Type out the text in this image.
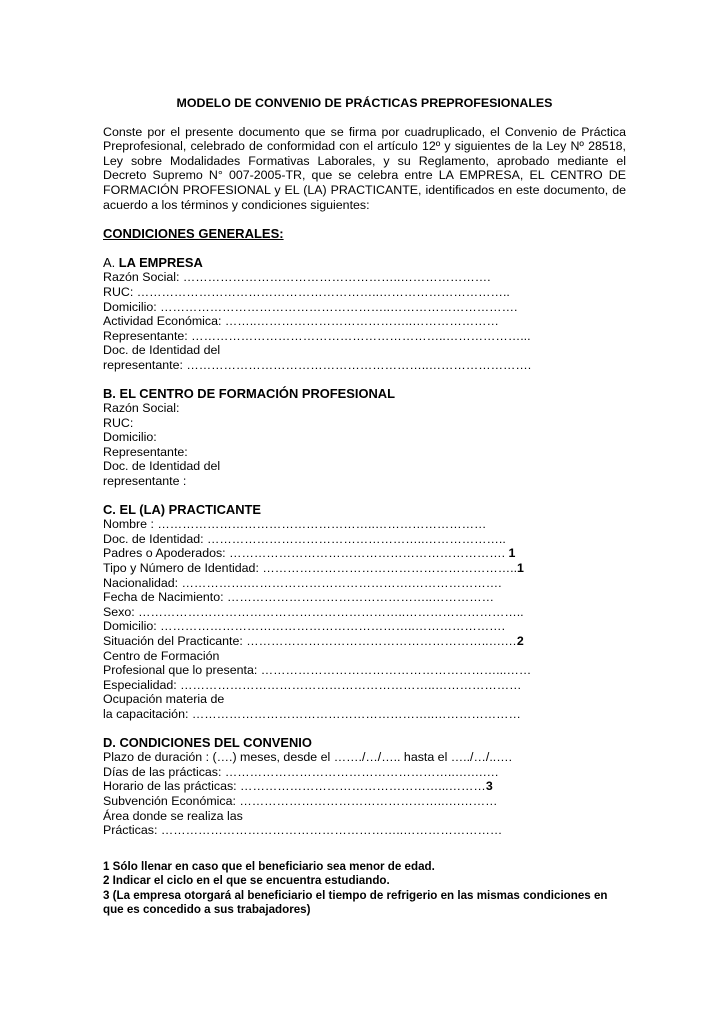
MODELO DE CONVENIO DE PRÁCTICAS PREPROFESIONALES
Conste por el presente documento que se firma por cuadruplicado, el Convenio de Práctica Preprofesional, celebrado de conformidad con el artículo 12º y siguientes de la Ley Nº 28518, Ley sobre Modalidades Formativas Laborales, y su Reglamento, aprobado mediante el Decreto Supremo N° 007-2005-TR, que se celebra entre LA EMPRESA, EL CENTRO DE FORMACIÓN PROFESIONAL y EL (LA) PRACTICANTE, identificados en este documento, de acuerdo a los términos y condiciones siguientes:
CONDICIONES GENERALES:
A. LA EMPRESA
Razón Social: ……………………………………………..………………….
RUC: …………………………………………………..…………………………..
Domicilio: ………………………………………………..………………………….
Actividad Económica: ……..………………………………..…………………
Representante: ……………………………………………………..………………...
Doc. de Identidad del
representante: …………………………………………………..…………………….
B. EL CENTRO DE FORMACIÓN PROFESIONAL
Razón Social:
RUC:
Domicilio:
Representante:
Doc. de Identidad del
representante :
C. EL (LA) PRACTICANTE
Nombre : ……………………………………………..………………………
Doc. de Identidad: ……………………………………………..………………..
Padres o Apoderados: …………………………………………………………. 1
Tipo y Número de Identidad: ……………………………………………………..1
Nacionalidad: …………….………………………………….………………….
Fecha de Nacimiento: …………………………………………..……………
Sexo: ………………………………………………………..………………………..
Domicilio: ……………………………………………………..………………….
Situación del Practicante: …………………………………………………..….…2
Centro de Formación
Profesional que lo presenta: …………………………………………………...……
Especialidad: ……………………………………………………..…………………
Ocupación materia de
la capacitación: …………………………………………………..…………………
D. CONDICIONES DEL CONVENIO
Plazo de duración : (….) meses, desde el ……./…/….. hasta el …../…/..….
Días de las prácticas: ………………………………………………..….….…
Horario de las prácticas: …………………………………………...………3
Subvención Económica: …………………………………………..….………
Área donde se realiza las
Prácticas: …………………………………………………..……………………
1 Sólo llenar en caso que el beneficiario sea menor de edad.
2 Indicar el ciclo en el que se encuentra estudiando.
3 (La empresa otorgará al beneficiario el tiempo de refrigerio en las mismas condiciones en que es concedido a sus trabajadores)
